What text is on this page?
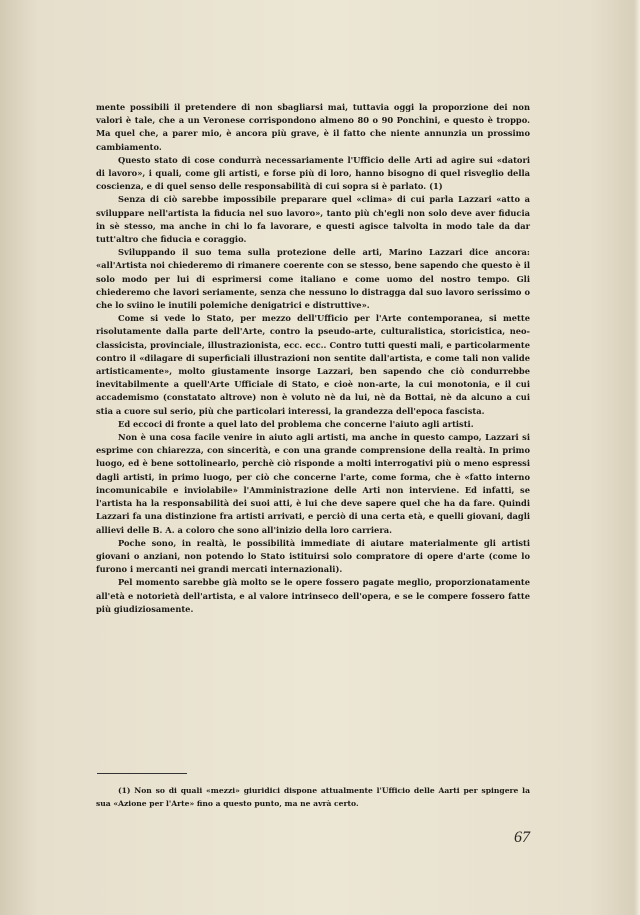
mente possibili il pretendere di non sbagliarsi mai, tuttavia oggi la proporzione dei non valori è tale, che a un Veronese corrispondono almeno 80 o 90 Ponchini, e questo è troppo. Ma quel che, a parer mio, è ancora più grave, è il fatto che niente annunzia un prossimo cambiamento.

Questo stato di cose condurrà necessariamente l'Ufficio delle Arti ad agire sui «datori di lavoro», i quali, come gli artisti, e forse più di loro, hanno bisogno di quel risveglio della coscienza, e di quel senso delle responsabilità di cui sopra si è parlato. (1)

Senza di ciò sarebbe impossibile preparare quel «clima» di cui parla Lazzari «atto a sviluppare nell'artista la fiducia nel suo lavoro», tanto più ch'egli non solo deve aver fiducia in sè stesso, ma anche in chi lo fa lavorare, e questi agisce talvolta in modo tale da dar tutt'altro che fiducia e coraggio.

Sviluppando il suo tema sulla protezione delle arti, Marino Lazzari dice ancora: «all'Artista noi chiederemo di rimanere coerente con se stesso, bene sapendo che questo è il solo modo per lui di esprimersi come italiano e come uomo del nostro tempo. Gli chiederemo che lavori seriamente, senza che nessuno lo distragga dal suo lavoro serissimo o che lo sviino le inutili polemiche denigatrici e distruttive».

Come si vede lo Stato, per mezzo dell'Ufficio per l'Arte contemporanea, si mette risolutamente dalla parte dell'Arte, contro la pseudo-arte, culturalistica, storicistica, neo-classicista, provinciale, illustrazionista, ecc. ecc.. Contro tutti questi mali, e particolarmente contro il «dilagare di superficiali illustrazioni non sentite dall'artista, e come tali non valide artisticamente», molto giustamente insorge Lazzari, ben sapendo che ciò condurrebbe inevitabilmente a quell'Arte Ufficiale di Stato, e cioè non-arte, la cui monotonia, e il cui accademismo (constatato altrove) non è voluto nè da lui, nè da Bottai, nè da alcuno a cui stia a cuore sul serio, più che particolari interessi, la grandezza dell'epoca fascista.

Ed eccoci di fronte a quel lato del problema che concerne l'aiuto agli artisti.

Non è una cosa facile venire in aiuto agli artisti, ma anche in questo campo, Lazzari si esprime con chiarezza, con sincerità, e con una grande comprensione della realtà. In primo luogo, ed è bene sottolinearlo, perchè ciò risponde a molti interrogativi più o meno espressi dagli artisti, in primo luogo, per ciò che concerne l'arte, come forma, che è «fatto interno incomunicabile e inviolabile» l'Amministrazione delle Arti non interviene. Ed infatti, se l'artista ha la responsabilità dei suoi atti, è lui che deve sapere quel che ha da fare. Quindi Lazzari fa una distinzione fra artisti arrivati, e perciò di una certa età, e quelli giovani, dagli allievi delle B. A. a coloro che sono all'inizio della loro carriera.

Poche sono, in realtà, le possibilità immediate di aiutare materialmente gli artisti giovani o anziani, non potendo lo Stato istituirsi solo compratore di opere d'arte (come lo furono i mercanti nei grandi mercati internazionali).

Pel momento sarebbe già molto se le opere fossero pagate meglio, proporzionatamente all'età e notorietà dell'artista, e al valore intrinseco dell'opera, e se le compere fossero fatte più giudiziosamente.

(1) Non so di quali «mezzi» giuridici dispone attualmente l'Ufficio delle Aarti per spingere la sua «Azione per l'Arte» fino a questo punto, ma ne avrà certo.

67
